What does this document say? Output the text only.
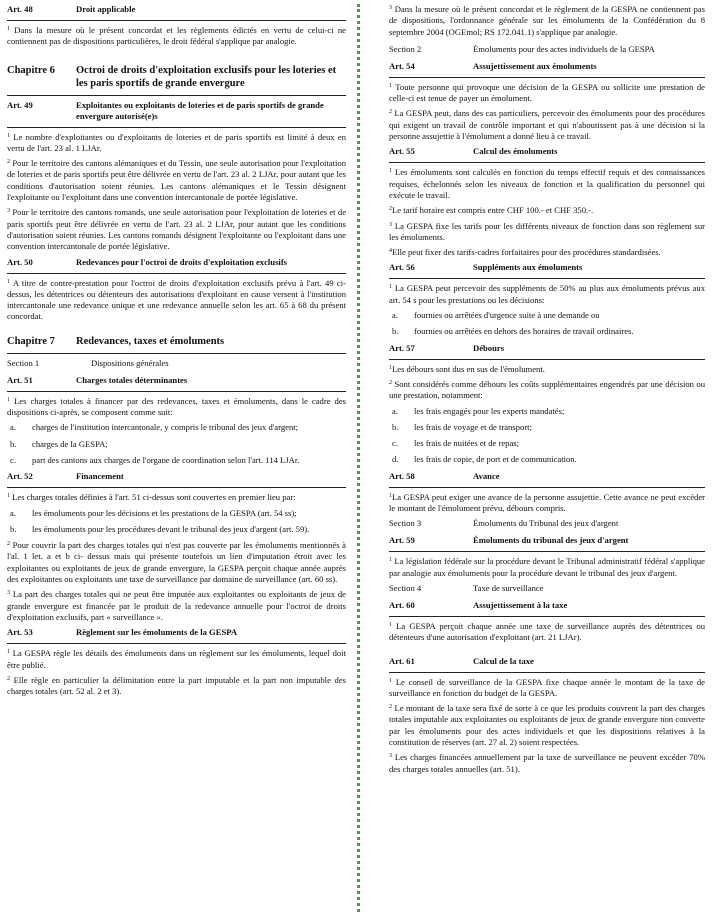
Art. 48	Droit applicable

$^1$ Dans la mesure où le présent concordat et les règlements édictés en vertu de celui-ci ne contiennent pas de dispositions particulières, le droit fédéral s'applique par analogie.

Chapitre 6	Octroi de droits d'exploitation exclusifs pour les loteries et les paris sportifs de grande envergure
Art. 49	Exploitantes ou exploitants de loteries et de paris sportifs de grande envergure autorisé(e)s

$^1$ Le nombre d'exploitantes ou d'exploitants de loteries et de paris sportifs est limité à deux en vertu de l'art. 23 al. 1 LJAr.

$^2$ Pour le territoire des cantons alémaniques et du Tessin, une seule autorisation pour l'exploitation de loteries et de paris sportifs peut être délivrée en vertu de l'art. 23 al. 2 LJAr, pour autant que les conditions d'autorisation soient réunies. Les cantons alémaniques et le Tessin désignent l'exploitante ou l'exploitant dans une convention intercantonale de portée législative.

$^3$ Pour le territoire des cantons romands, une seule autorisation pour l'exploitation de loteries et de paris sportifs peut être délivrée en vertu de l'art. 23 al. 2 LJAr, pour autant que les conditions d'autorisation soient réunies. Les cantons romands désignent l'exploitante ou l'exploitant dans une convention intercantonale de portée législative.

Art. 50	Redevances pour l'octroi de droits d'exploitation exclusifs

$^1$ A titre de contre-prestation pour l'octroi de droits d'exploitation exclusifs prévu à l'art. 49 ci-dessus, les détentrices ou détenteurs des autorisations d'exploitant en cause versent à l'institution intercantonale une redevance unique et une redevance annuelle selon les art. 65 à 68 du présent concordat.

Chapitre 7	Redevances, taxes et émoluments
Section 1	Dispositions générales
Art. 51	Charges totales déterminantes

$^1$ Les charges totales à financer par des redevances, taxes et émoluments, dans le cadre des dispositions ci-après, se composent comme suit:

a.	charges de l'institution intercantonale, y compris le tribunal des jeux d'argent;
b.	charges de la GESPA;
c.	part des cantons aux charges de l'organe de coordination selon l'art. 114 LJAr.
Art. 52	Financement

$^1$ Les charges totales définies à l'art. 51 ci-dessus sont couvertes en premier lieu par:

a.	les émoluments pour les décisions et les prestations de la GESPA (art. 54 ss);
b.	les émoluments pour les procédures devant le tribunal des jeux d'argent (art. 59).

$^2$ Pour couvrir la part des charges totales qui n'est pas couverte par les émoluments mentionnés à l'al. 1 let. a et b ci- dessus mais qui présente toutefois un lien d'imputation étroit avec les exploitantes ou exploitants de jeux de grande envergure, la GESPA perçoit chaque année auprès des exploitantes ou exploitants une taxe de surveillance par domaine de surveillance (art. 60 ss).

$^3$ La part des charges totales qui ne peut être imputée aux exploitantes ou exploitants de jeux de grande envergure est financée par le produit de la redevance annuelle pour l'octroi de droits d'exploitation exclusifs, part « surveillance ».

Art. 53	Règlement sur les émoluments de la GESPA

$^1$ La GESPA règle les détails des émoluments dans un règlement sur les émoluments, lequel doit être publié.

$^2$ Elle règle en particulier la délimitation entre la part imputable et la part non imputable des charges totales (art. 52 al. 2 et 3).

$^3$ Dans la mesure où le présent concordat et le règlement de la GESPA ne contiennent pas de dispositions, l'ordonnance générale sur les émoluments de la Confédération du 8 septembre 2004 (OGEmol; RS 172.041.1) s'applique par analogie.

Section 2	Émoluments pour des actes individuels de la GESPA
Art. 54	Assujettissement aux émoluments

$^1$ Toute personne qui provoque une décision de la GESPA ou sollicite une prestation de celle-ci est tenue de payer un émolument.

$^2$ La GESPA peut, dans des cas particuliers, percevoir des émoluments pour des procédures qui exigent un travail de contrôle important et qui n'aboutissent pas à une décision si la personne assujettie à l'émolument a donné lieu à ce travail.

Art. 55	Calcul des émoluments

$^1$ Les émoluments sont calculés en fonction du temps effectif requis et des connaissances requises, échelonnés selon les niveaux de fonction et la qualification du personnel qui exécute le travail.

$^2$Le tarif horaire est compris entre CHF 100.- et CHF 350.-.

$^3$ La GESPA fixe les tarifs pour les différents niveaux de fonction dans son règlement sur les émoluments.

$^4$Elle peut fixer des tarifs-cadres forfaitaires pour des procédures standardisées.

Art. 56	Suppléments aux émoluments

$^1$ La GESPA peut percevoir des suppléments de 50% au plus aux émoluments prévus aux art. 54 s pour les prestations ou les décisions:

a.	fournies ou arrêtées d'urgence suite à une demande ou
b.	fournies ou arrêtées en dehors des horaires de travail ordinaires.
Art. 57	Débours

$^1$Les débours sont dus en sus de l'émolument.

$^2$ Sont considérés comme débours les coûts supplémentaires engendrés par une décision ou une prestation, notamment:

a.	les frais engagés pour les experts mandatés;
b.	les frais de voyage et de transport;
c.	les frais de nuitées et de repas;
d.	les frais de copie, de port et de communication.
Art. 58	Avance

$^1$La GESPA peut exiger une avance de la personne assujettie. Cette avance ne peut excéder le montant de l'émolument prévu, débours compris.

Section 3	Émoluments du Tribunal des jeux d'argent
Art. 59	Émoluments du tribunal des jeux d'argent

$^1$ La législation fédérale sur la procédure devant le Tribunal administratif fédéral s'applique par analogie aux émoluments pour la procédure devant le tribunal des jeux d'argent.

Section 4	Taxe de surveillance
Art. 60	Assujettissement à la taxe

$^1$ La GESPA perçoit chaque année une taxe de surveillance auprès des détentrices ou détenteurs d'une autorisation d'exploitant (art. 21 LJAr).

Art. 61	Calcul de la taxe

$^1$ Le conseil de surveillance de la GESPA fixe chaque année le montant de la taxe de surveillance en fonction du budget de la GESPA.

$^2$ Le montant de la taxe sera fixé de sorte à ce que les produits couvrent la part des charges totales imputable aux exploitantes ou exploitants de jeux de grande envergure non couverte par les émoluments pour des actes individuels et que les dispositions relatives à la constitution de réserves (art. 27 al. 2) soient respectées.

$^3$ Les charges financées annuellement par la taxe de surveillance ne peuvent excéder 70% des charges totales annuelles (art. 51).
